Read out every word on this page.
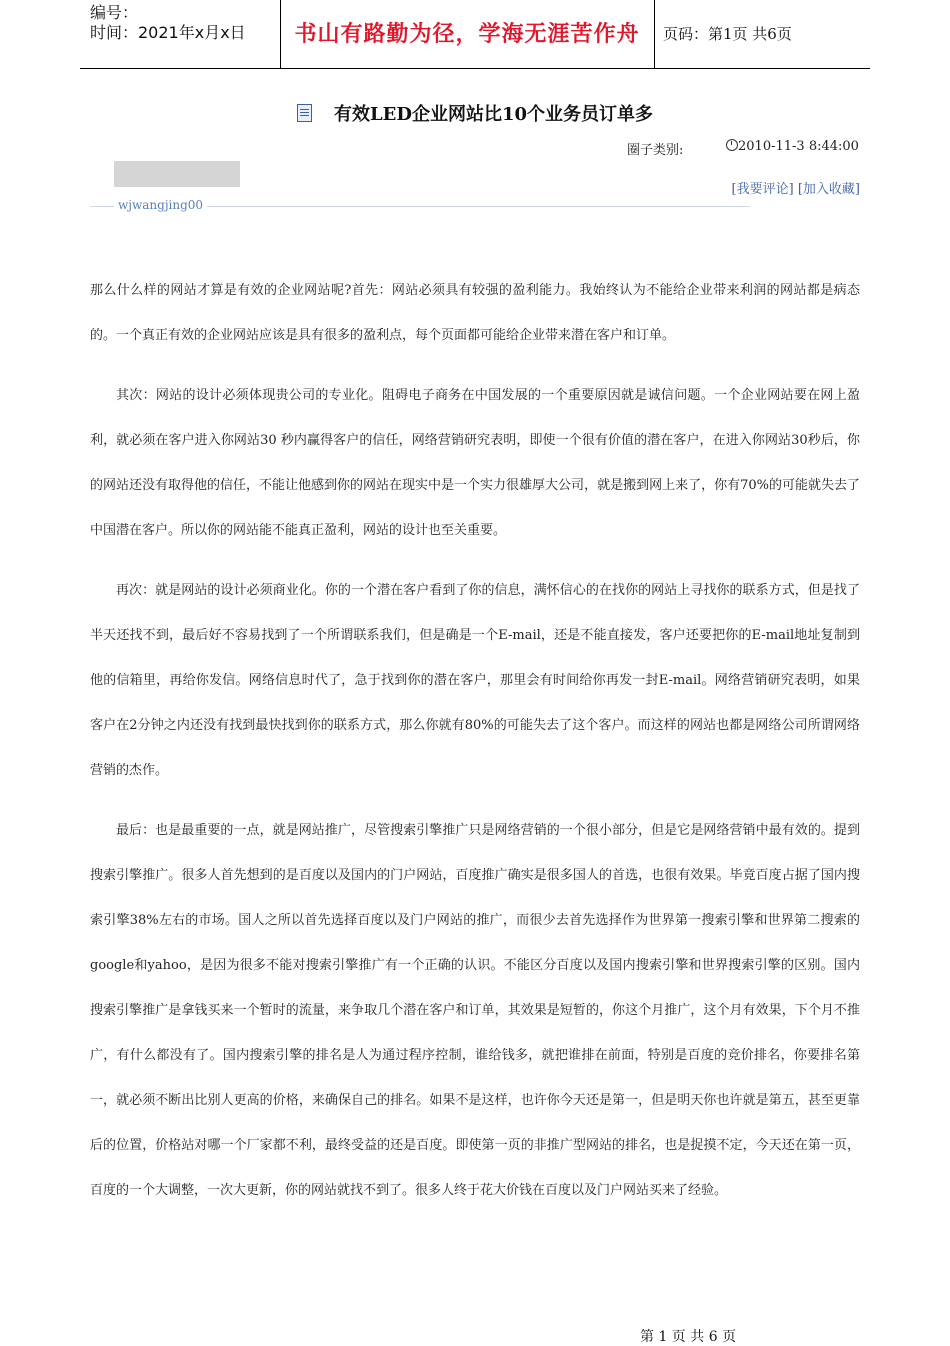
编号：
时间：2021年x月x日	书山有路勤为径，学海无涯苦作舟	页码：第1页 共6页
有效LED企业网站比10个业务员订单多
圈子类别:	2010-11-3 8:44:00
[我要评论] [加入收藏]
wjwangjing00

那么什么样的网站才算是有效的企业网站呢?首先：网站必须具有较强的盈利能力。我始终认为不能给企业带来利润的网站都是病态的。一个真正有效的企业网站应该是具有很多的盈利点，每个页面都可能给企业带来潜在客户和订单。

其次：网站的设计必须体现贵公司的专业化。阻碍电子商务在中国发展的一个重要原因就是诚信问题。一个企业网站要在网上盈利，就必须在客户进入你网站30 秒内赢得客户的信任，网络营销研究表明，即使一个很有价值的潜在客户，在进入你网站30秒后，你的网站还没有取得他的信任，不能让他感到你的网站在现实中是一个实力很雄厚大公司，就是搬到网上来了，你有70%的可能就失去了中国潜在客户。所以你的网站能不能真正盈利，网站的设计也至关重要。

再次：就是网站的设计必须商业化。你的一个潜在客户看到了你的信息，满怀信心的在找你的网站上寻找你的联系方式，但是找了半天还找不到，最后好不容易找到了一个所谓联系我们，但是确是一个E-mail，还是不能直接发，客户还要把你的E-mail地址复制到他的信箱里，再给你发信。网络信息时代了，急于找到你的潜在客户，那里会有时间给你再发一封E-mail。网络营销研究表明，如果客户在2分钟之内还没有找到最快找到你的联系方式，那么你就有80%的可能失去了这个客户。而这样的网站也都是网络公司所谓网络营销的杰作。

最后：也是最重要的一点，就是网站推广，尽管搜索引擎推广只是网络营销的一个很小部分，但是它是网络营销中最有效的。提到搜索引擎推广。很多人首先想到的是百度以及国内的门户网站，百度推广确实是很多国人的首选，也很有效果。毕竟百度占据了国内搜索引擎38%左右的市场。国人之所以首先选择百度以及门户网站的推广，而很少去首先选择作为世界第一搜索引擎和世界第二搜索的google和yahoo，是因为很多不能对搜索引擎推广有一个正确的认识。不能区分百度以及国内搜索引擎和世界搜索引擎的区别。国内搜索引擎推广是拿钱买来一个暂时的流量，来争取几个潜在客户和订单，其效果是短暂的，你这个月推广，这个月有效果，下个月不推广，有什么都没有了。国内搜索引擎的排名是人为通过程序控制，谁给钱多，就把谁排在前面，特别是百度的竞价排名，你要排名第一，就必须不断出比别人更高的价格，来确保自己的排名。如果不是这样，也许你今天还是第一，但是明天你也许就是第五，甚至更靠后的位置，价格站对哪一个厂家都不利，最终受益的还是百度。即使第一页的非推广型网站的排名，也是捉摸不定，今天还在第一页，百度的一个大调整，一次大更新，你的网站就找不到了。很多人终于花大价钱在百度以及门户网站买来了经验。

第 1 页 共 6 页
